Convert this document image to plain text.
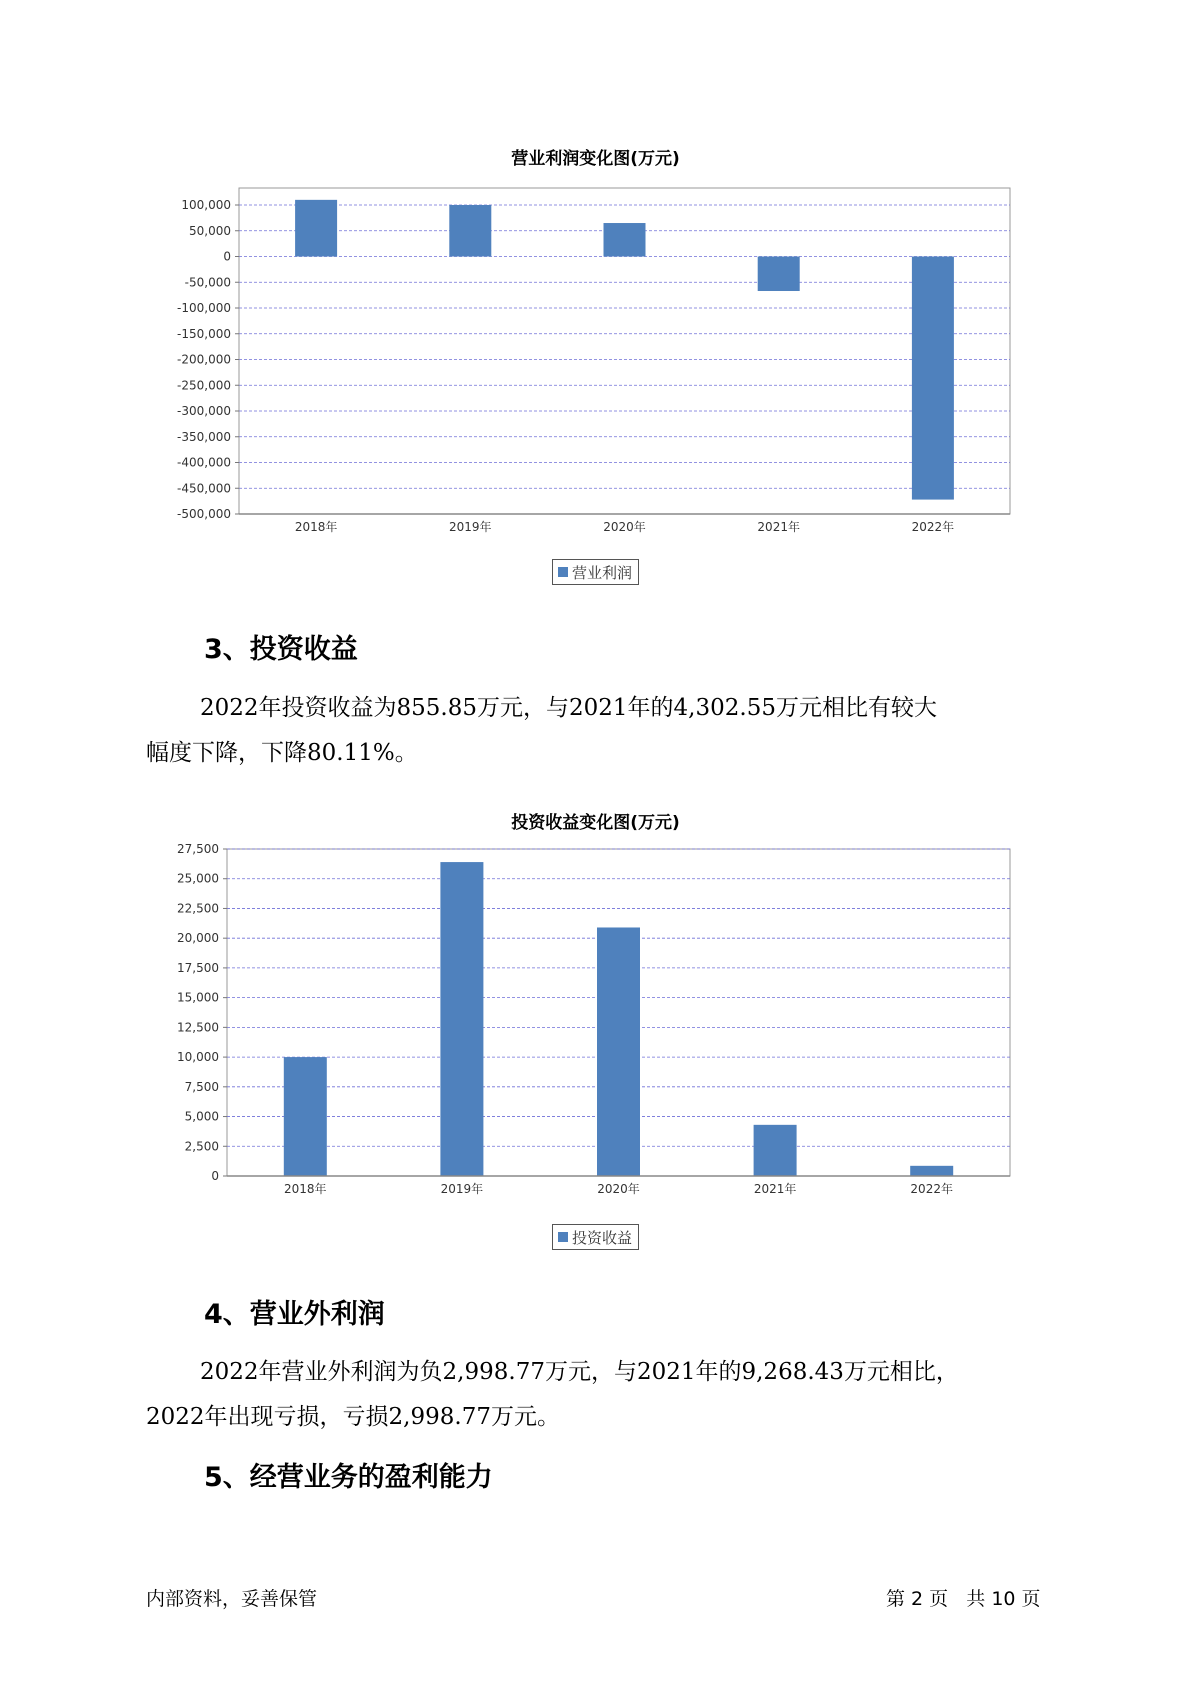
营业利润变化图(万元)
100,000
50,000
0
-50,000
-100,000
-150,000
-200,000
-250,000
-300,000
-350,000
-400,000
-450,000
-500,000
2018年	2019年	2020年	2021年	2022年
营业利润
3、投资收益

2022年投资收益为855.85万元，与2021年的4,302.55万元相比有较大
幅度下降，下降80.11%。

投资收益变化图(万元)
27,500
25,000
22,500
20,000
17,500
15,000
12,500
10,000
7,500
5,000
2,500
0
2018年	2019年	2020年	2021年	2022年
投资收益
4、营业外利润

2022年营业外利润为负2,998.77万元，与2021年的9,268.43万元相比，
2022年出现亏损，亏损2,998.77万元。

5、经营业务的盈利能力
内部资料，妥善保管	第 2 页   共 10 页
